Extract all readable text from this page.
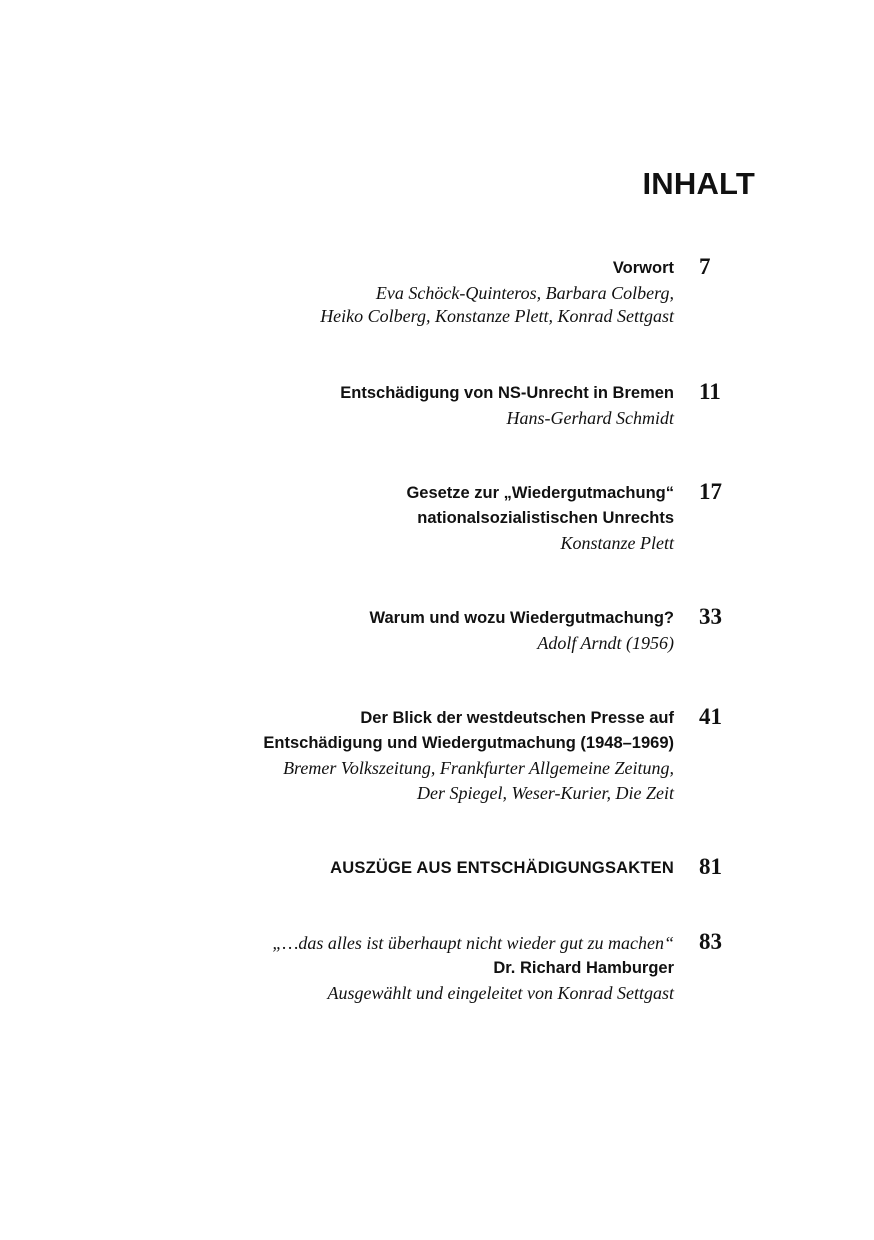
INHALT
Vorwort
Eva Schöck-Quinteros, Barbara Colberg,
Heiko Colberg, Konstanze Plett, Konrad Settgast
7
Entschädigung von NS-Unrecht in Bremen
Hans-Gerhard Schmidt
11
Gesetze zur „Wiedergutmachung“
nationalsozialistischen Unrechts
Konstanze Plett
17
Warum und wozu Wiedergutmachung?
Adolf Arndt (1956)
33
Der Blick der westdeutschen Presse auf
Entschädigung und Wiedergutmachung (1948–1969)
Bremer Volkszeitung, Frankfurter Allgemeine Zeitung,
Der Spiegel, Weser-Kurier, Die Zeit
41
AUSZÜGE AUS ENTSCHÄDIGUNGSAKTEN 81
„…das alles ist überhaupt nicht wieder gut zu machen“
Dr. Richard Hamburger
Ausgewählt und eingeleitet von Konrad Settgast
83
